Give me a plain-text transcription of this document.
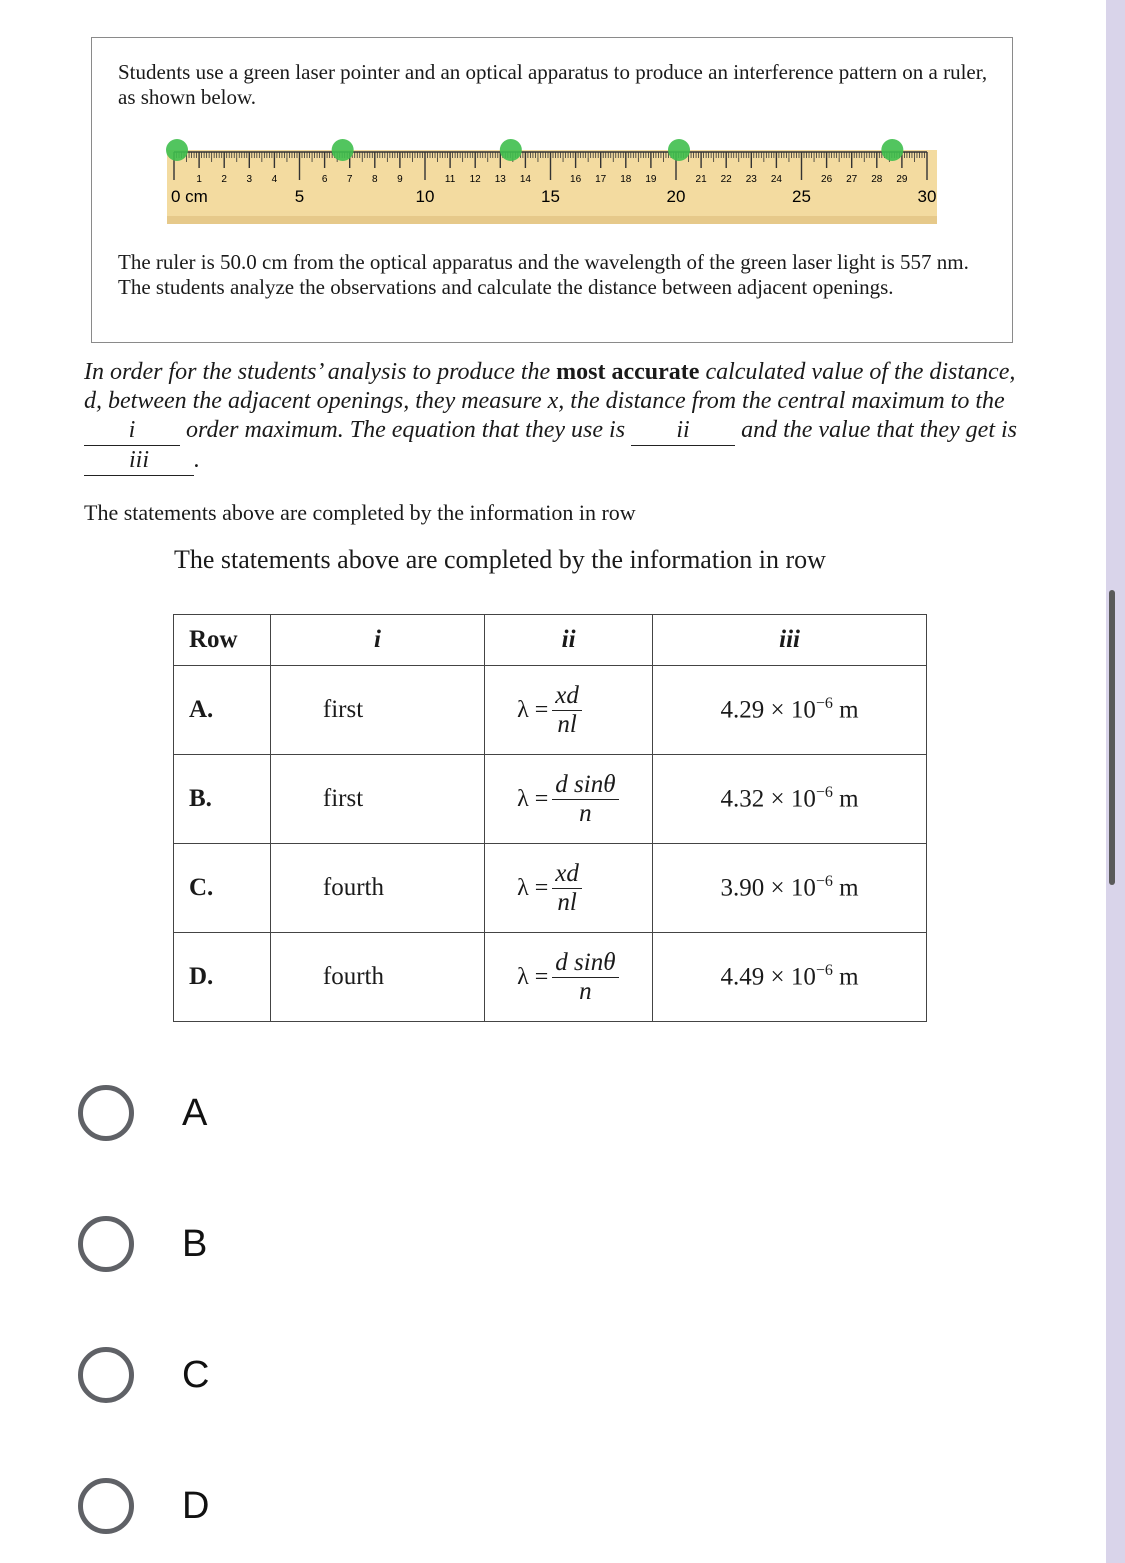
Students use a green laser pointer and an optical apparatus to produce an interference pattern on a ruler, as shown below.

1 2 3 4	6 7 8 9	11 12 13 14	16 17 18 19	21 22 23 24	26 27 28 29
5	10	15	20	25	30
0 cm

The ruler is 50.0 cm from the optical apparatus and the wavelength of the green laser light is 557 nm. The students analyze the observations and calculate the distance between adjacent openings.

In order for the students’ analysis to produce the most accurate calculated value of the distance, d, between the adjacent openings, they measure x, the distance from the central maximum to the i order maximum. The equation that they use is ii and the value that they get is iii .

The statements above are completed by the information in row

The statements above are completed by the information in row

Row	i	ii	iii
A.	first	$\lambda = \frac{xd}{nl}$	$4.29 \times 10^{-6}$ m
B.	first	$\lambda = \frac{\text{d sinθ}}{n}$	$4.32 \times 10^{-6}$ m
C.	fourth	$\lambda = \frac{xd}{nl}$	$3.90 \times 10^{-6}$ m
D.	fourth	$\lambda = \frac{\text{d sinθ}}{n}$	$4.49 \times 10^{-6}$ m
A
B
C
D
